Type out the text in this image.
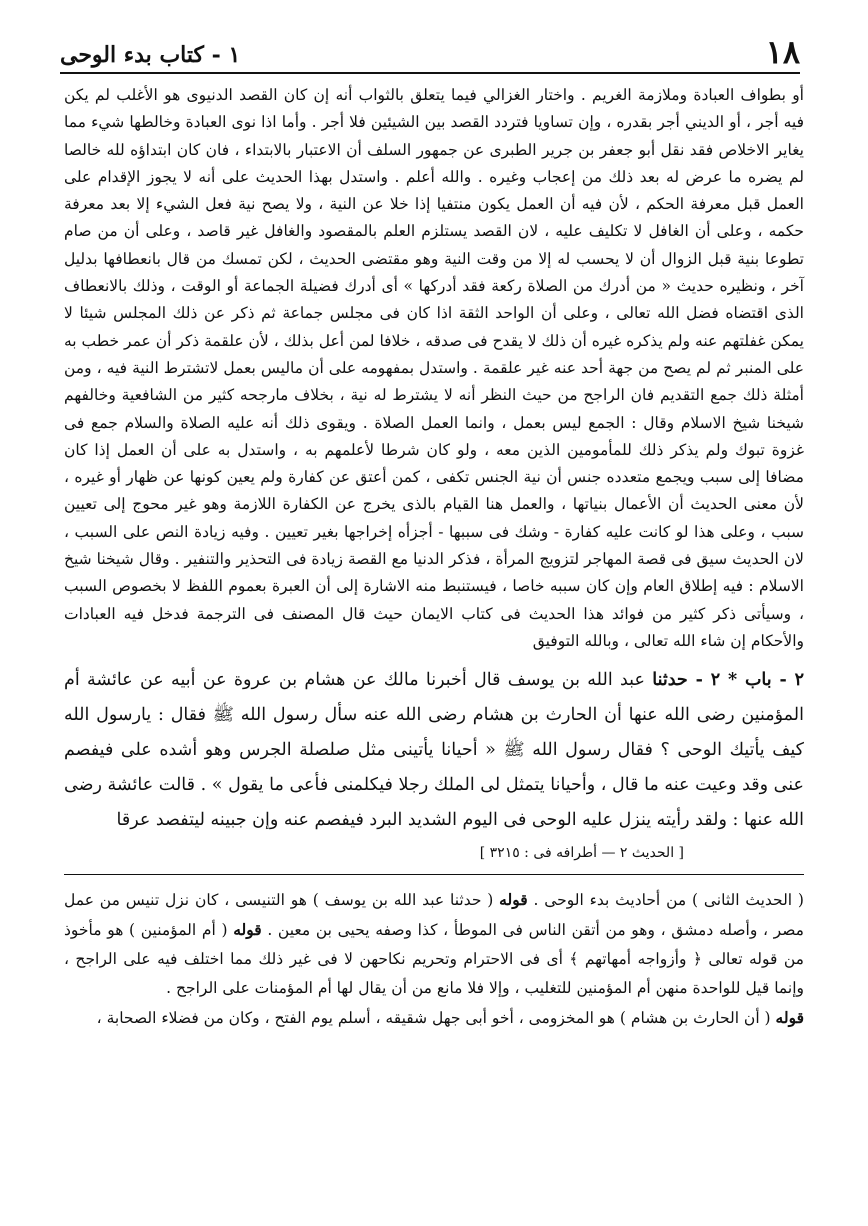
١٨
١ - كتاب بدء الوحى

أو بطواف العبادة وملازمة الغريم . واختار الغزالي فيما يتعلق بالثواب أنه إن كان القصد الدنيوى هو الأغلب لم يكن فيه أجر ، أو الديني أجر بقدره ، وإن تساويا فتردد القصد بين الشيئين فلا أجر . وأما اذا نوى العبادة وخالطها شيء مما يغاير الاخلاص فقد نقل أبو جعفر بن جرير الطبرى عن جمهور السلف أن الاعتبار بالابتداء ، فان كان ابتداؤه لله خالصا لم يضره ما عرض له بعد ذلك من إعجاب وغيره . والله أعلم . واستدل بهذا الحديث على أنه لا يجوز الإقدام على العمل قبل معرفة الحكم ، لأن فيه أن العمل يكون منتفيا إذا خلا عن النية ، ولا يصح نية فعل الشيء إلا بعد معرفة حكمه ، وعلى أن الغافل لا تكليف عليه ، لان القصد يستلزم العلم بالمقصود والغافل غير قاصد ، وعلى أن من صام تطوعا بنية قبل الزوال أن لا يحسب له إلا من وقت النية وهو مقتضى الحديث ، لكن تمسك من قال بانعطافها بدليل آخر ، ونظيره حديث « من أدرك من الصلاة ركعة فقد أدركها » أى أدرك فضيلة الجماعة أو الوقت ، وذلك بالانعطاف الذى اقتضاه فضل الله تعالى ، وعلى أن الواحد الثقة اذا كان فى مجلس جماعة ثم ذكر عن ذلك المجلس شيئا لا يمكن غفلتهم عنه ولم يذكره غيره أن ذلك لا يقدح فى صدقه ، خلافا لمن أعل بذلك ، لأن علقمة ذكر أن عمر خطب به على المنبر ثم لم يصح من جهة أحد عنه غير علقمة . واستدل بمفهومه على أن ماليس بعمل لاتشترط النية فيه ، ومن أمثلة ذلك جمع التقديم فان الراجح من حيث النظر أنه لا يشترط له نية ، بخلاف مارجحه كثير من الشافعية وخالفهم شيخنا شيخ الاسلام وقال : الجمع ليس بعمل ، وانما العمل الصلاة . ويقوى ذلك أنه عليه الصلاة والسلام جمع فى غزوة تبوك ولم يذكر ذلك للمأمومين الذين معه ، ولو كان شرطا لأعلمهم به ، واستدل به على أن العمل إذا كان مضافا إلى سبب ويجمع متعدده جنس أن نية الجنس تكفى ، كمن أعتق عن كفارة ولم يعين كونها عن ظهار أو غيره ، لأن معنى الحديث أن الأعمال بنياتها ، والعمل هنا القيام بالذى يخرج عن الكفارة اللازمة وهو غير محوج إلى تعيين سبب ، وعلى هذا لو كانت عليه كفارة - وشك فى سببها - أجزأه إخراجها بغير تعيين . وفيه زيادة النص على السبب ، لان الحديث سيق فى قصة المهاجر لتزويج المرأة ، فذكر الدنيا مع القصة زيادة فى التحذير والتنفير . وقال شيخنا شيخ الاسلام : فيه إطلاق العام وإن كان سببه خاصا ، فيستنبط منه الاشارة إلى أن العبرة بعموم اللفظ لا بخصوص السبب ، وسيأتى ذكر كثير من فوائد هذا الحديث فى كتاب الايمان حيث قال المصنف فى الترجمة فدخل فيه العبادات والأحكام إن شاء الله تعالى ، وبالله التوفيق

٢ - باب * ٢ - حدثنا عبد الله بن يوسف قال أخبرنا مالك عن هشام بن عروة عن أبيه عن عائشة أم المؤمنين رضى الله عنها أن الحارث بن هشام رضى الله عنه سأل رسول الله ﷺ فقال : يارسول الله كيف يأتيك الوحى ؟ فقال رسول الله ﷺ « أحيانا يأتينى مثل صلصلة الجرس وهو أشده على فيفصم عنى وقد وعيت عنه ما قال ، وأحيانا يتمثل لى الملك رجلا فيكلمنى فأعى ما يقول » . قالت عائشة رضى الله عنها : ولقد رأيته ينزل عليه الوحى فى اليوم الشديد البرد فيفصم عنه وإن جبينه ليتفصد عرقا

[ الحديث ٢ — أطرافه فى : ٣٢١٥ ]

( الحديث الثانى ) من أحاديث بدء الوحى . قوله ( حدثنا عبد الله بن يوسف ) هو التنيسى ، كان نزل تنيس من عمل مصر ، وأصله دمشق ، وهو من أتقن الناس فى الموطأ ، كذا وصفه يحيى بن معين . قوله ( أم المؤمنين ) هو مأخوذ من قوله تعالى ﴿ وأزواجه أمهاتهم ﴾ أى فى الاحترام وتحريم نكاحهن لا فى غير ذلك مما اختلف فيه على الراجح ، وإنما قيل للواحدة منهن أم المؤمنين للتغليب ، وإلا فلا مانع من أن يقال لها أم المؤمنات على الراجح .

قوله ( أن الحارث بن هشام ) هو المخزومى ، أخو أبى جهل شقيقه ، أسلم يوم الفتح ، وكان من فضلاء الصحابة ،
